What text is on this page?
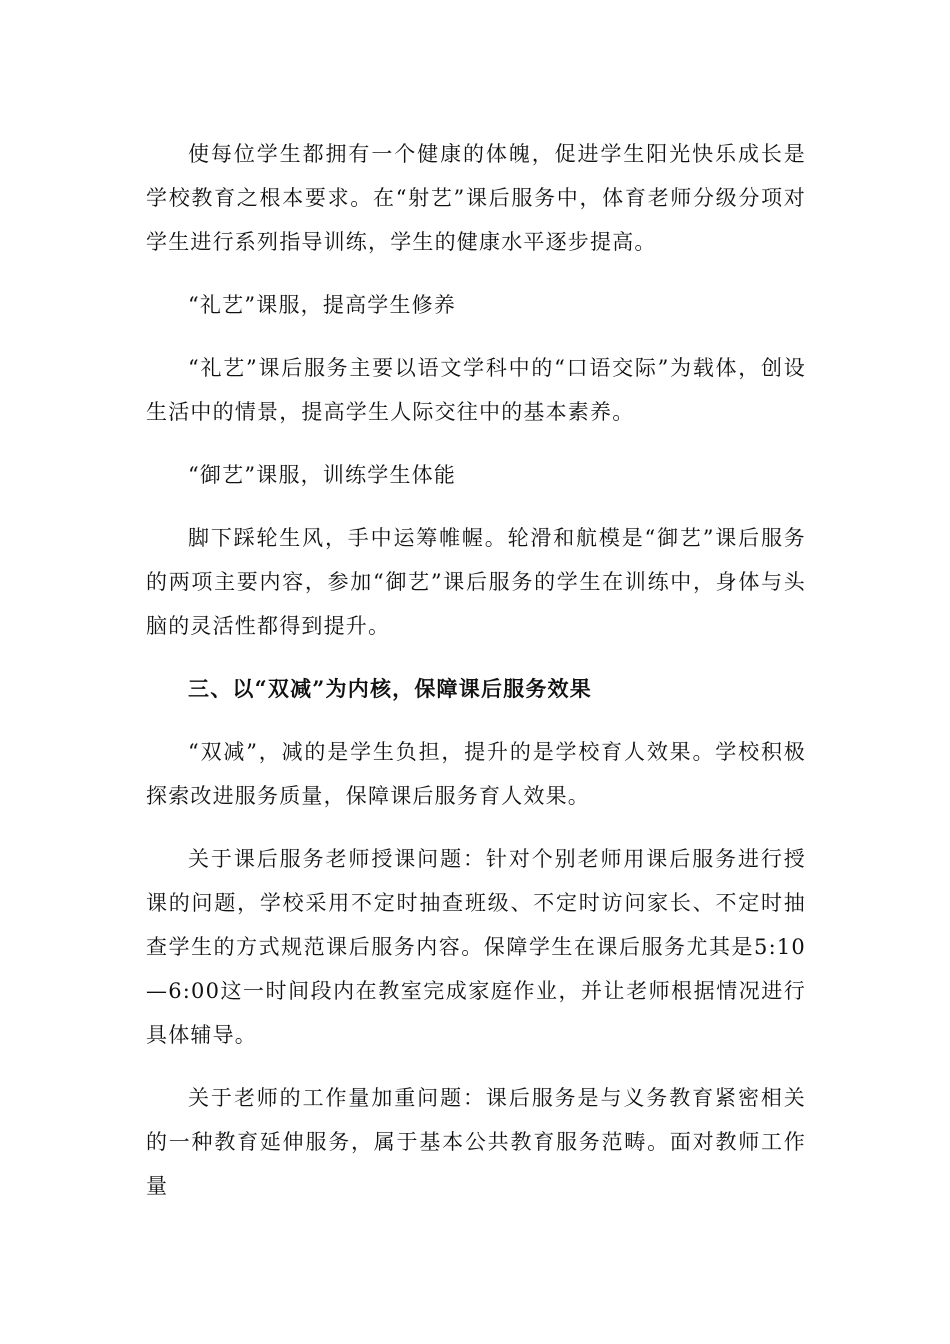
使每位学生都拥有一个健康的体魄，促进学生阳光快乐成长是学校教育之根本要求。在“射艺”课后服务中，体育老师分级分项对学生进行系列指导训练，学生的健康水平逐步提高。

“礼艺”课服，提高学生修养

“礼艺”课后服务主要以语文学科中的“口语交际”为载体，创设生活中的情景，提高学生人际交往中的基本素养。

“御艺”课服，训练学生体能

脚下踩轮生风，手中运筹帷幄。轮滑和航模是“御艺”课后服务的两项主要内容，参加“御艺”课后服务的学生在训练中，身体与头脑的灵活性都得到提升。

三、以“双减”为内核，保障课后服务效果

“双减”，减的是学生负担，提升的是学校育人效果。学校积极探索改进服务质量，保障课后服务育人效果。

关于课后服务老师授课问题：针对个别老师用课后服务进行授课的问题，学校采用不定时抽查班级、不定时访问家长、不定时抽查学生的方式规范课后服务内容。保障学生在课后服务尤其是5:10—6:00这一时间段内在教室完成家庭作业，并让老师根据情况进行具体辅导。

关于老师的工作量加重问题：课后服务是与义务教育紧密相关的一种教育延伸服务，属于基本公共教育服务范畴。面对教师工作量
